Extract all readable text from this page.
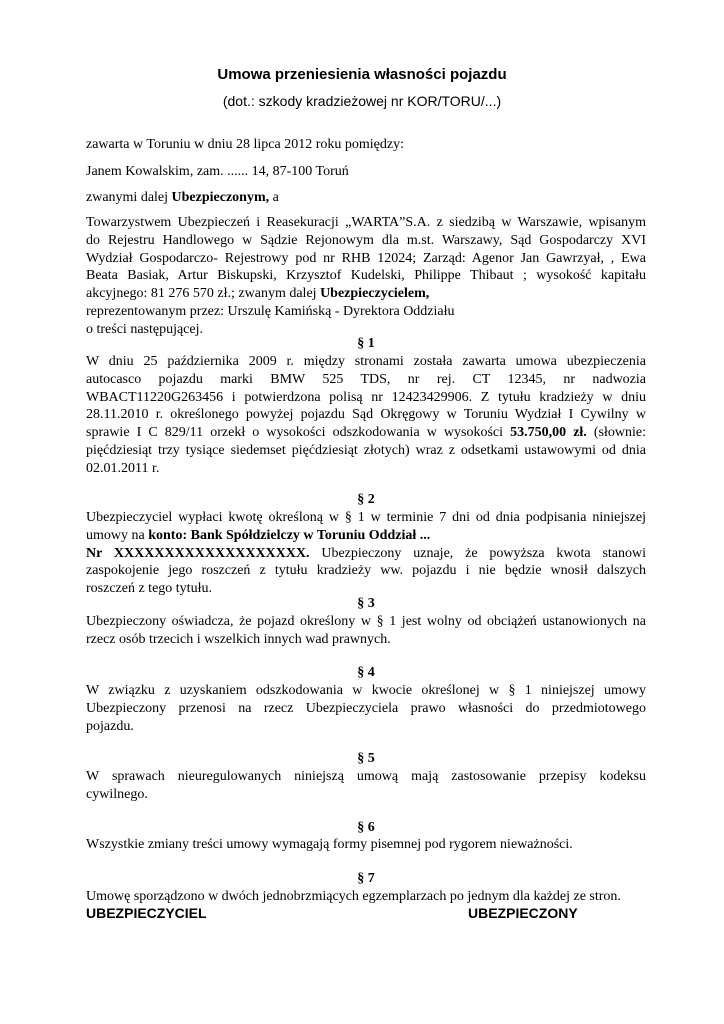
Umowa przeniesienia własności pojazdu
(dot.: szkody kradzieżowej nr KOR/TORU/...)
zawarta w Toruniu w dniu 28 lipca 2012 roku pomiędzy:
Janem Kowalskim, zam. ...... 14, 87-100 Toruń
zwanymi dalej Ubezpieczonym, a
Towarzystwem Ubezpieczeń i Reasekuracji „WARTA”S.A. z siedzibą w Warszawie, wpisanym
do Rejestru Handlowego w Sądzie Rejonowym dla m.st. Warszawy, Sąd Gospodarczy XVI
Wydział Gospodarczo- Rejestrowy pod nr RHB 12024; Zarząd: Agenor Jan Gawrzyał, , Ewa
Beata Basiak, Artur Biskupski, Krzysztof Kudelski, Philippe Thibaut ; wysokość kapitału
akcyjnego: 81 276 570 zł.; zwanym dalej Ubezpieczycielem,
reprezentowanym przez: Urszulę Kamińską - Dyrektora Oddziału
o treści następującej.
§ 1
W dniu 25 października 2009 r. między stronami została zawarta umowa ubezpieczenia
autocasco pojazdu marki BMW 525 TDS, nr rej. CT 12345, nr nadwozia
WBACT11220G263456 i potwierdzona polisą nr 12423429906. Z tytułu kradzieży w dniu
28.11.2010 r. określonego powyżej pojazdu Sąd Okręgowy w Toruniu Wydział I Cywilny w
sprawie I C 829/11 orzekł o wysokości odszkodowania w wysokości 53.750,00 zł. (słownie:
pięćdziesiąt trzy tysiące siedemset pięćdziesiąt złotych) wraz z odsetkami ustawowymi od dnia
02.01.2011 r.
§ 2
Ubezpieczyciel wypłaci kwotę określoną w § 1 w terminie 7 dni od dnia podpisania niniejszej
umowy na konto: Bank Spółdzielczy w Toruniu Oddział ...
Nr XXXXXXXXXXXXXXXXXXX. Ubezpieczony uznaje, że powyższa kwota stanowi
zaspokojenie jego roszczeń z tytułu kradzieży ww. pojazdu i nie będzie wnosił dalszych
roszczeń z tego tytułu.
§ 3
Ubezpieczony oświadcza, że pojazd określony w § 1 jest wolny od obciążeń ustanowionych na
rzecz osób trzecich i wszelkich innych wad prawnych.
§ 4
W związku z uzyskaniem odszkodowania w kwocie określonej w § 1 niniejszej umowy
Ubezpieczony przenosi na rzecz Ubezpieczyciela prawo własności do przedmiotowego
pojazdu.
§ 5
W sprawach nieuregulowanych niniejszą umową mają zastosowanie przepisy kodeksu
cywilnego.
§ 6
Wszystkie zmiany treści umowy wymagają formy pisemnej pod rygorem nieważności.
§ 7
Umowę sporządzono w dwóch jednobrzmiących egzemplarzach po jednym dla każdej ze stron.
UBEZPIECZYCIEL	UBEZPIECZONY
